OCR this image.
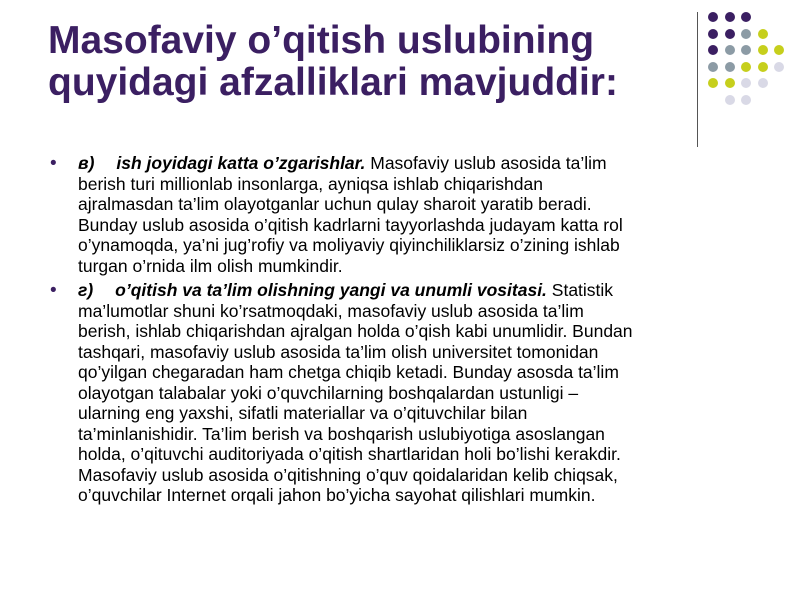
Masofaviy o’qitish uslubining
quyidagi afzalliklari mavjuddir:
• в) ish joyidagi katta o’zgarishlar. Masofaviy uslub asosida ta’lim
berish turi millionlab insonlarga, ayniqsa ishlab chiqarishdan
ajralmasdan ta’lim olayotganlar uchun qulay sharoit yaratib beradi.
Bunday uslub asosida o’qitish kadrlarni tayyorlashda judayam katta rol
o’ynamoqda, ya’ni jug’rofiy va moliyaviy qiyinchiliklarsiz o’zining ishlab
turgan o’rnida ilm olish mumkindir.
• г) o’qitish va ta’lim olishning yangi va unumli vositasi. Statistik
ma’lumotlar shuni ko’rsatmoqdaki, masofaviy uslub asosida ta’lim
berish, ishlab chiqarishdan ajralgan holda o’qish kabi unumlidir. Bundan
tashqari, masofaviy uslub asosida ta’lim olish universitet tomonidan
qo’yilgan chegaradan ham chetga chiqib ketadi. Bunday asosda ta’lim
olayotgan talabalar yoki o’quvchilarning boshqalardan ustunligi –
ularning eng yaxshi, sifatli materiallar va o’qituvchilar bilan
ta’minlanishidir. Ta’lim berish va boshqarish uslubiyotiga asoslangan
holda, o’qituvchi auditoriyada o’qitish shartlaridan holi bo’lishi kerakdir.
Masofaviy uslub asosida o’qitishning o’quv qoidalaridan kelib chiqsak,
o’quvchilar Internet orqali jahon bo’yicha sayohat qilishlari mumkin.
